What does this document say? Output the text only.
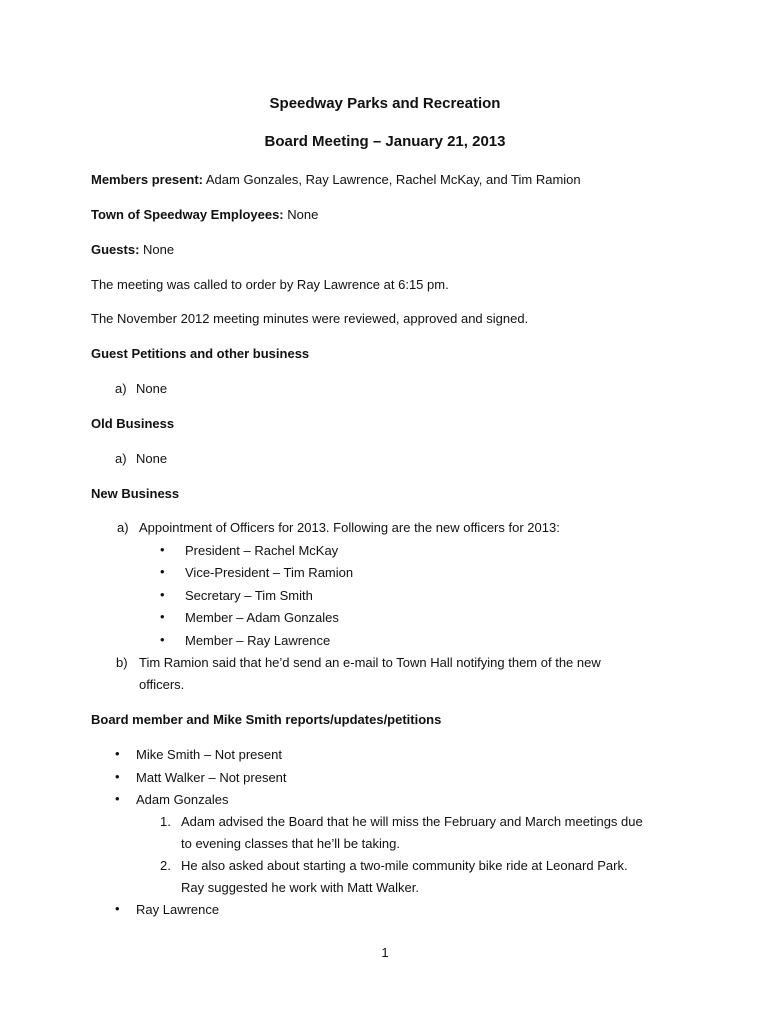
Speedway Parks and Recreation
Board Meeting – January 21, 2013
Members present: Adam Gonzales, Ray Lawrence, Rachel McKay, and Tim Ramion
Town of Speedway Employees: None
Guests: None
The meeting was called to order by Ray Lawrence at 6:15 pm.
The November 2012 meeting minutes were reviewed, approved and signed.
Guest Petitions and other business
a) None
Old Business
a) None
New Business
a) Appointment of Officers for 2013. Following are the new officers for 2013:
• President – Rachel McKay
• Vice-President – Tim Ramion
• Secretary – Tim Smith
• Member – Adam Gonzales
• Member – Ray Lawrence
b) Tim Ramion said that he’d send an e-mail to Town Hall notifying them of the new
officers.
Board member and Mike Smith reports/updates/petitions
• Mike Smith – Not present
• Matt Walker – Not present
• Adam Gonzales
1. Adam advised the Board that he will miss the February and March meetings due
to evening classes that he’ll be taking.
2. He also asked about starting a two-mile community bike ride at Leonard Park.
Ray suggested he work with Matt Walker.
• Ray Lawrence
1
